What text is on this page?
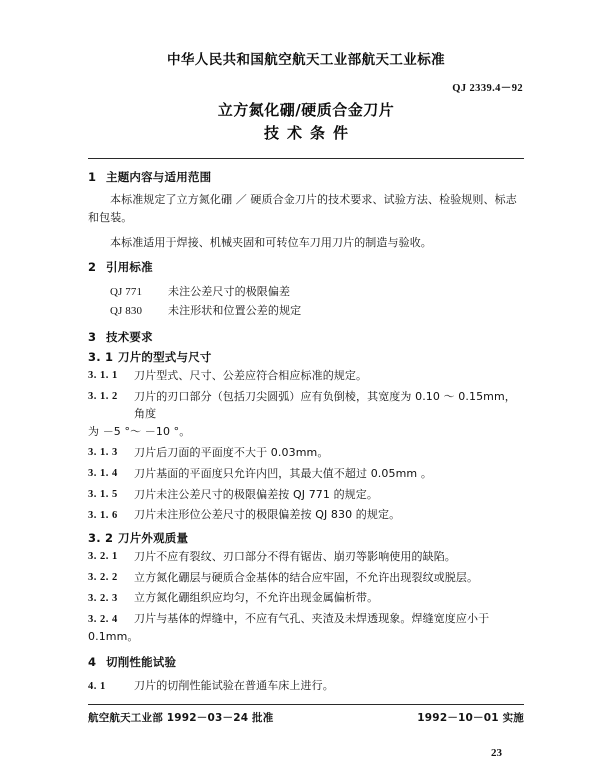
中华人民共和国航空航天工业部航天工业标准
QJ 2339.4－92
立方氮化硼/硬质合金刀片
技术条件
1 主题内容与适用范围

本标准规定了立方氮化硼 ／ 硬质合金刀片的技术要求、试验方法、检验规则、标志

和包装。

本标准适用于焊接、机械夹固和可转位车刀用刀片的制造与验收。

2 引用标准
QJ 771 未注公差尺寸的极限偏差
QJ 830 未注形状和位置公差的规定
3 技术要求
3. 1 刀片的型式与尺寸
3. 1. 1	刀片型式、尺寸、公差应符合相应标准的规定。
3. 1. 2	刀片的刃口部分（包括刀尖圆弧）应有负倒棱，其宽度为 0.10 ～ 0.15mm，角度
为 －5 °～ －10 °。
3. 1. 3	刀片后刀面的平面度不大于 0.03mm。
3. 1. 4	刀片基面的平面度只允许内凹，其最大值不超过 0.05mm 。
3. 1. 5	刀片未注公差尺寸的极限偏差按 QJ 771 的规定。
3. 1. 6	刀片未注形位公差尺寸的极限偏差按 QJ 830 的规定。
3. 2 刀片外观质量
3. 2. 1	刀片不应有裂纹、刃口部分不得有锯齿、崩刃等影响使用的缺陷。
3. 2. 2	立方氮化硼层与硬质合金基体的结合应牢固，不允许出现裂纹或脱层。
3. 2. 3	立方氮化硼组织应均匀，不允许出现金属偏析带。
3. 2. 4	刀片与基体的焊缝中，不应有气孔、夹渣及未焊透现象。焊缝宽度应小于
0.1mm。
4 切削性能试验
4. 1	刀片的切削性能试验在普通车床上进行。
航空航天工业部 1992－03－24 批准	1992－10－01 实施
23
